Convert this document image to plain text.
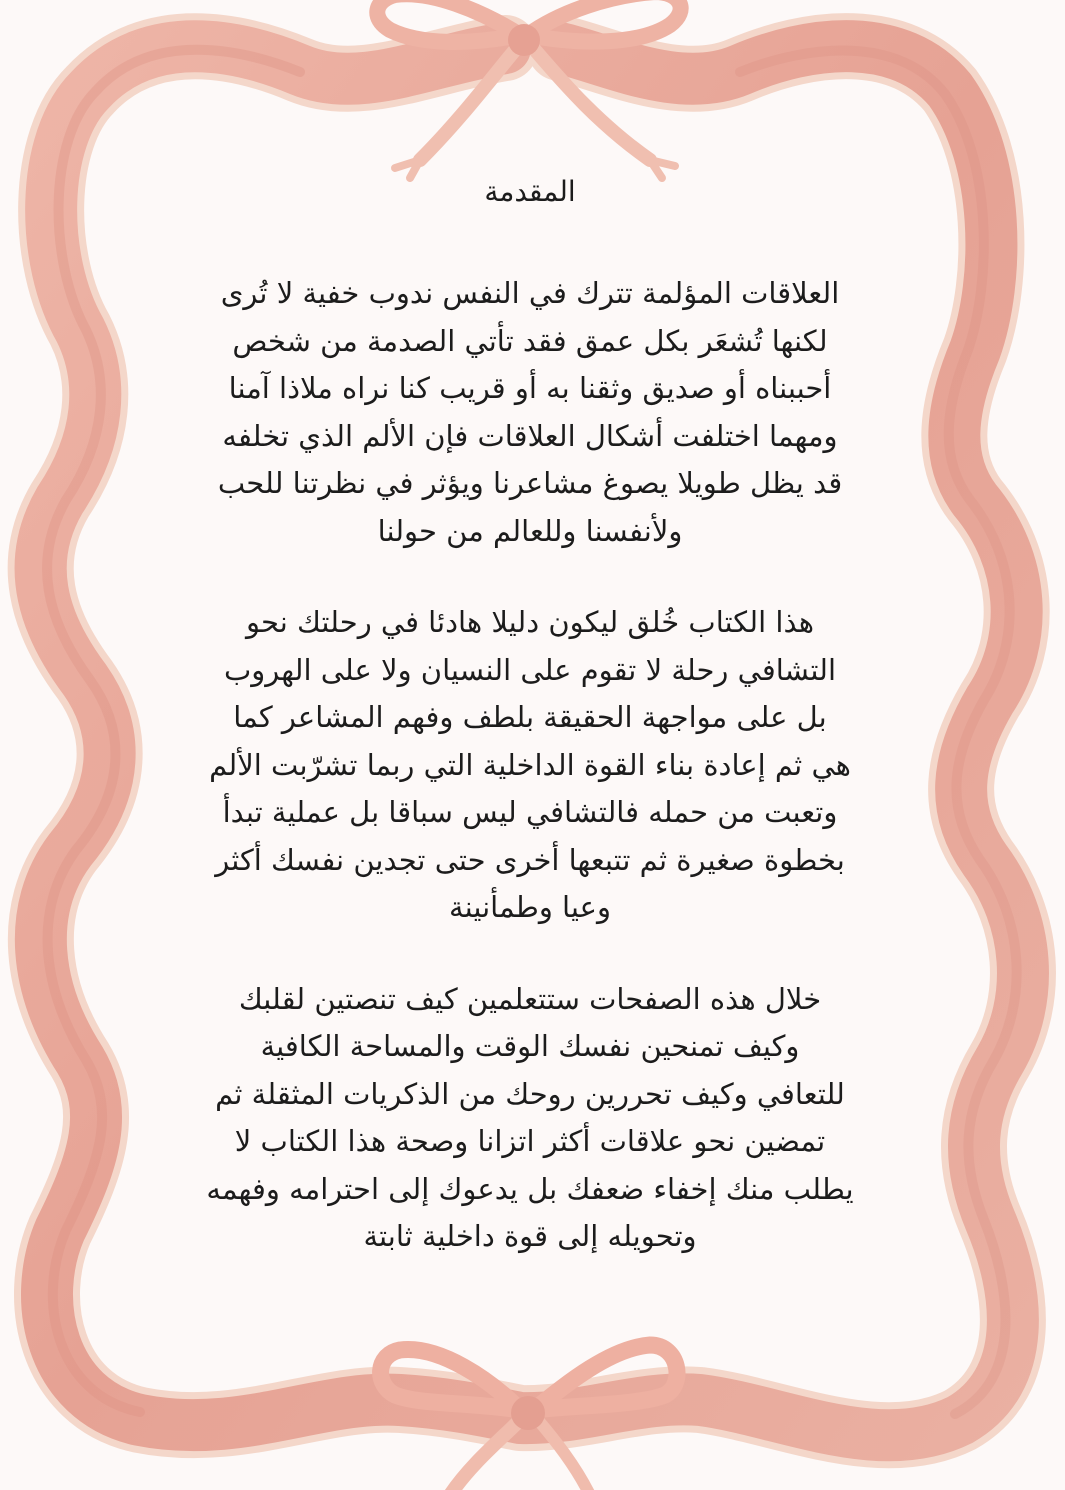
المقدمة
العلاقات المؤلمة تترك في النفس ندوب خفية لا تُرى
لكنها تُشعَر بكل عمق فقد تأتي الصدمة من شخص
أحببناه أو صديق وثقنا به أو قريب كنا نراه ملاذا آمنا
ومهما اختلفت أشكال العلاقات فإن الألم الذي تخلفه
قد يظل طويلا يصوغ مشاعرنا ويؤثر في نظرتنا للحب
ولأنفسنا وللعالم من حولنا
هذا الكتاب خُلق ليكون دليلا هادئا في رحلتك نحو
التشافي رحلة لا تقوم على النسيان ولا على الهروب
بل على مواجهة الحقيقة بلطف وفهم المشاعر كما
هي ثم إعادة بناء القوة الداخلية التي ربما تشرّبت الألم
وتعبت من حمله فالتشافي ليس سباقا بل عملية تبدأ
بخطوة صغيرة ثم تتبعها أخرى حتى تجدين نفسك أكثر
وعيا وطمأنينة
خلال هذه الصفحات ستتعلمين كيف تنصتين لقلبك
وكيف تمنحين نفسك الوقت والمساحة الكافية
للتعافي وكيف تحررين روحك من الذكريات المثقلة ثم
تمضين نحو علاقات أكثر اتزانا وصحة هذا الكتاب لا
يطلب منك إخفاء ضعفك بل يدعوك إلى احترامه وفهمه
وتحويله إلى قوة داخلية ثابتة
